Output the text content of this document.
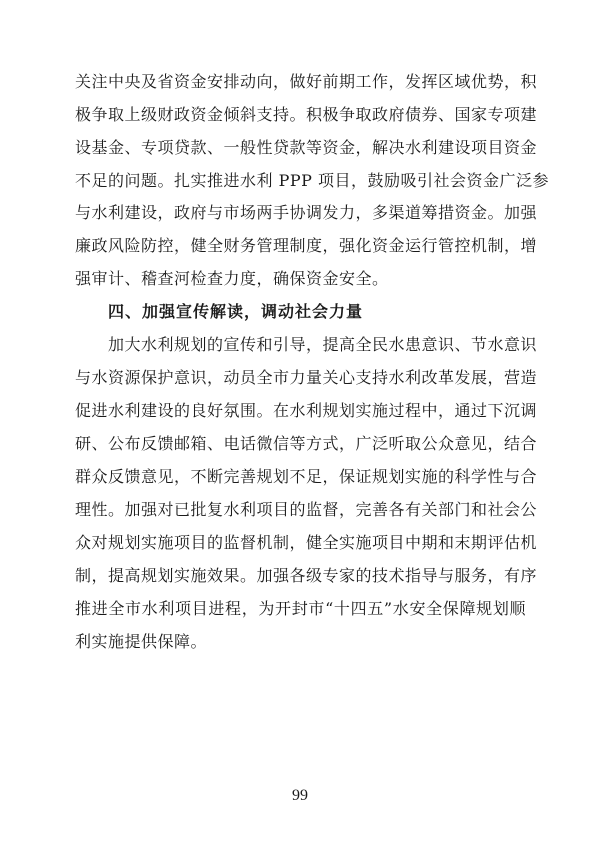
关注中央及省资金安排动向，做好前期工作，发挥区域优势，积
极争取上级财政资金倾斜支持。积极争取政府债券、国家专项建
设基金、专项贷款、一般性贷款等资金，解决水利建设项目资金
不足的问题。扎实推进水利 PPP 项目，鼓励吸引社会资金广泛参
与水利建设，政府与市场两手协调发力，多渠道筹措资金。加强
廉政风险防控，健全财务管理制度，强化资金运行管控机制，增
强审计、稽查河检查力度，确保资金安全。
四、加强宣传解读，调动社会力量
加大水利规划的宣传和引导，提高全民水患意识、节水意识
与水资源保护意识，动员全市力量关心支持水利改革发展，营造
促进水利建设的良好氛围。在水利规划实施过程中，通过下沉调
研、公布反馈邮箱、电话微信等方式，广泛听取公众意见，结合
群众反馈意见，不断完善规划不足，保证规划实施的科学性与合
理性。加强对已批复水利项目的监督，完善各有关部门和社会公
众对规划实施项目的监督机制，健全实施项目中期和末期评估机
制，提高规划实施效果。加强各级专家的技术指导与服务，有序
推进全市水利项目进程，为开封市“十四五”水安全保障规划顺
利实施提供保障。
99
